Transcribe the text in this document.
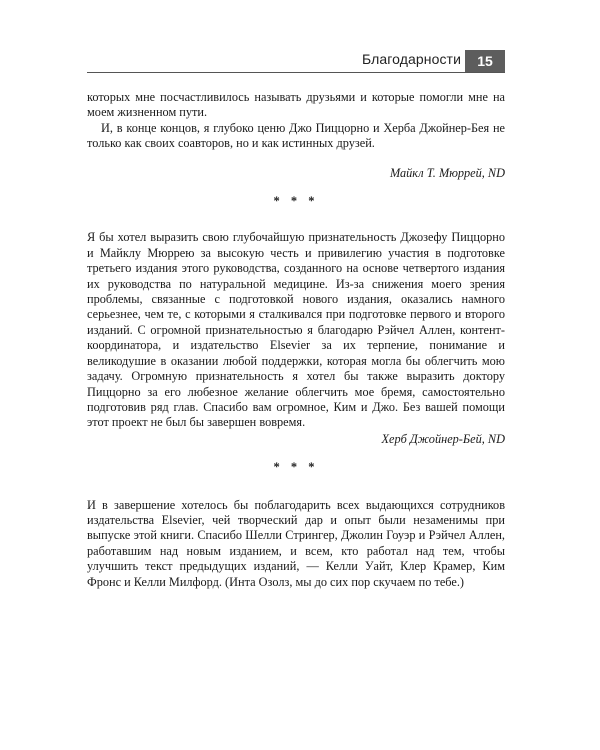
Благодарности	15

которых мне посчастливилось называть друзьями и которые помогли мне на моем жизненном пути.

И, в конце концов, я глубоко ценю Джо Пиццорно и Херба Джойнер-Бея не только как своих соавторов, но и как истинных друзей.

Майкл Т. Мюррей, ND

* * *

Я бы хотел выразить свою глубочайшую признательность Джозефу Пиццорно и Майклу Мюррею за высокую честь и привилегию участия в подготовке третьего издания этого руководства, созданного на основе четвертого издания их руководства по натуральной медицине. Из-за снижения моего зрения проблемы, связанные с подготовкой нового издания, оказались намного серьезнее, чем те, с которыми я сталкивался при подготовке первого и второго изданий. С огромной признательностью я благодарю Рэйчел Аллен, контент-координатора, и издательство Elsevier за их терпение, понимание и великодушие в оказании любой поддержки, которая могла бы облегчить мою задачу. Огромную признательность я хотел бы также выразить доктору Пиццорно за его любезное желание облегчить мое бремя, самостоятельно подготовив ряд глав. Спасибо вам огромное, Ким и Джо. Без вашей помощи этот проект не был бы завершен вовремя.

Херб Джойнер-Бей, ND

* * *

И в завершение хотелось бы поблагодарить всех выдающихся сотрудников издательства Elsevier, чей творческий дар и опыт были незаменимы при выпуске этой книги. Спасибо Шелли Стрингер, Джолин Гоуэр и Рэйчел Аллен, работавшим над новым изданием, и всем, кто работал над тем, чтобы улучшить текст предыдущих изданий, — Келли Уайт, Клер Крамер, Ким Фронс и Келли Милфорд. (Инта Озолз, мы до сих пор скучаем по тебе.)
